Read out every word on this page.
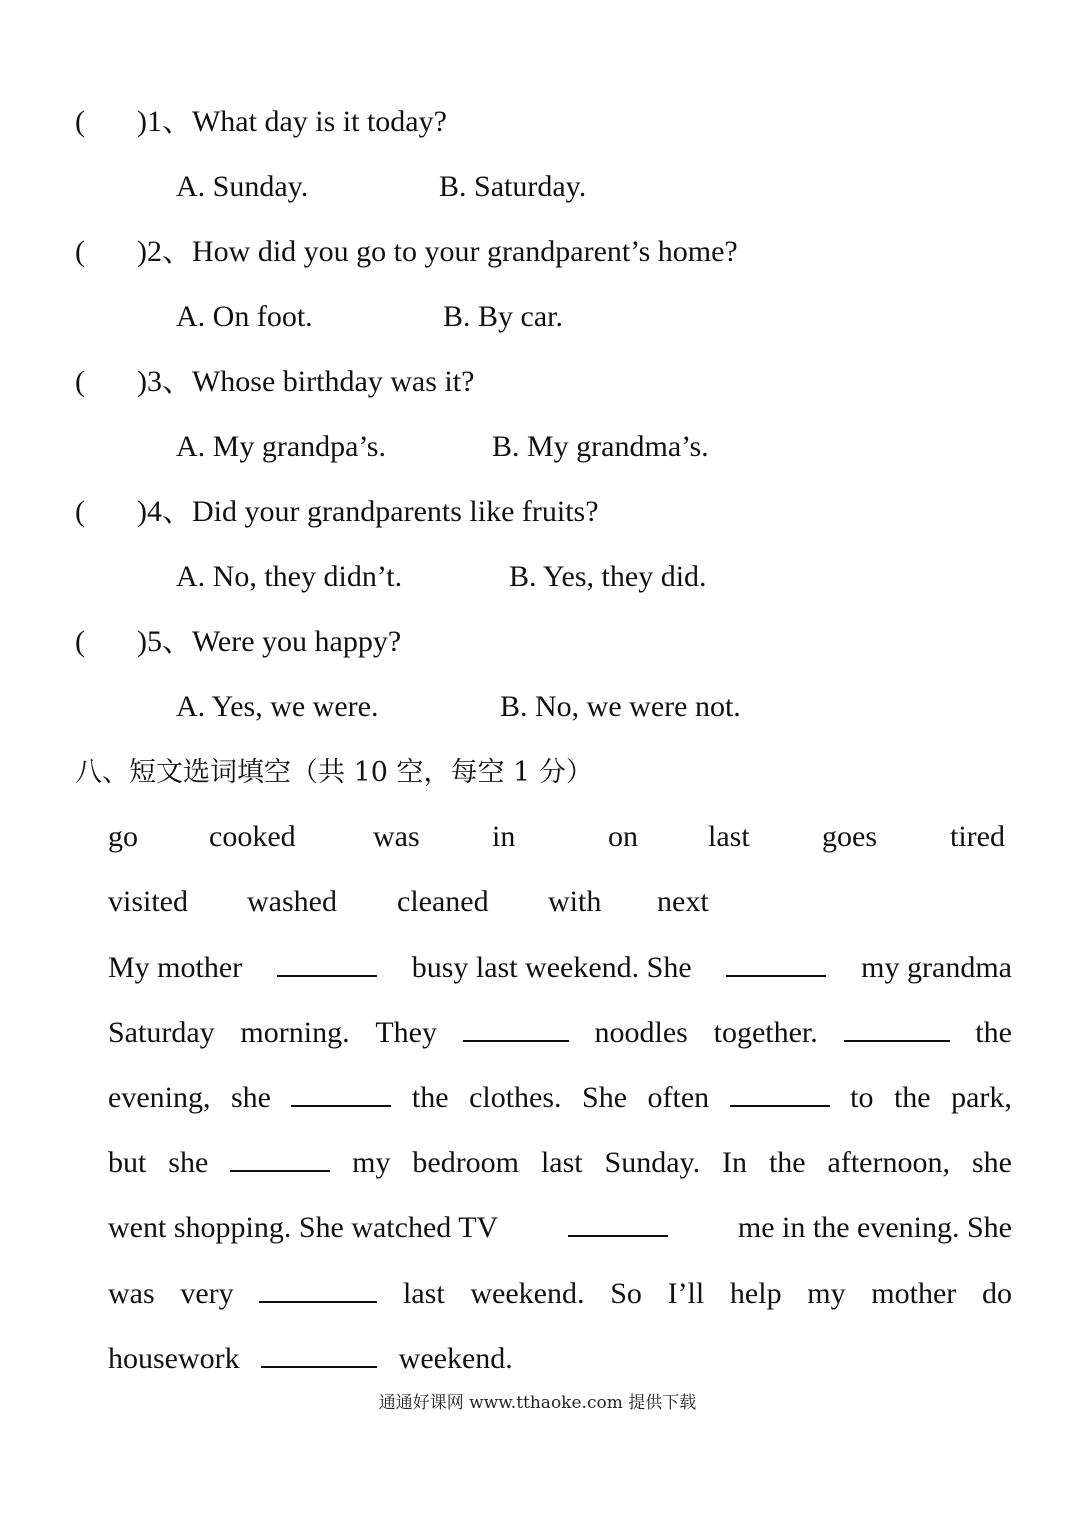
( )1、What day is it today?
A. Sunday.	B. Saturday.
( )2、How did you go to your grandparent’s home?
A. On foot.	B. By car.
( )3、Whose birthday was it?
A. My grandpa’s.	B. My grandma’s.
( )4、Did your grandparents like fruits?
A. No, they didn’t.	B. Yes, they did.
( )5、Were you happy?
A. Yes, we were.	B. No, we were not.
八、短文选词填空（共 10 空，每空 1 分）
go cooked	was in	on last goes tired
visited washed cleaned with next
My mother	busy last weekend. She	my grandma
Saturday morning. They	noodles together.	the
evening, she	the clothes. She often	to the park,
but she	my bedroom last Sunday. In the afternoon, she
went shopping. She watched TV	me in the evening. She
was very	last weekend. So I’ll help my mother do
housework	weekend.
通通好课网 www.tthaoke.com 提供下载
